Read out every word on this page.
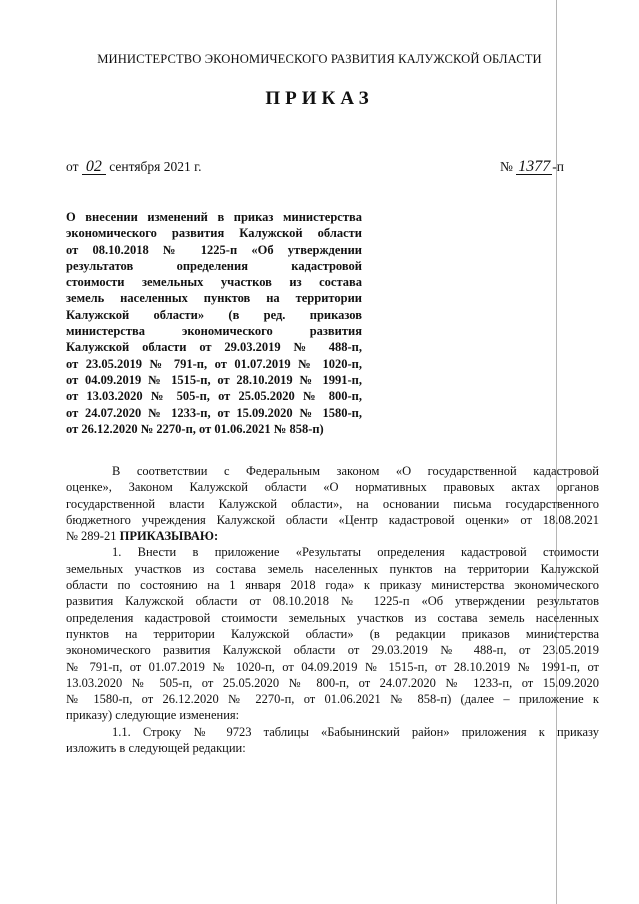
МИНИСТЕРСТВО ЭКОНОМИЧЕСКОГО РАЗВИТИЯ КАЛУЖСКОЙ ОБЛАСТИ
ПРИКАЗ
от 02 сентября 2021 г.	№ 1377 -п
О внесении изменений в приказ министерства
экономического развития Калужской области
от 08.10.2018 № 1225-п «Об утверждении
результатов определения кадастровой
стоимости земельных участков из состава
земель населенных пунктов на территории
Калужской области» (в ред. приказов
министерства экономического развития
Калужской области от 29.03.2019 № 488-п,
от 23.05.2019 № 791-п, от 01.07.2019 № 1020-п,
от 04.09.2019 № 1515-п, от 28.10.2019 № 1991-п,
от 13.03.2020 № 505-п, от 25.05.2020 № 800-п,
от 24.07.2020 № 1233-п, от 15.09.2020 № 1580-п,
от 26.12.2020 № 2270-п, от 01.06.2021 № 858-п)
В соответствии с Федеральным законом «О государственной кадастровой
оценке», Законом Калужской области «О нормативных правовых актах органов
государственной власти Калужской области», на основании письма государственного
бюджетного учреждения Калужской области «Центр кадастровой оценки» от 18.08.2021
№ 289-21 ПРИКАЗЫВАЮ:
1. Внести в приложение «Результаты определения кадастровой стоимости
земельных участков из состава земель населенных пунктов на территории Калужской
области по состоянию на 1 января 2018 года» к приказу министерства экономического
развития Калужской области от 08.10.2018 № 1225-п «Об утверждении результатов
определения кадастровой стоимости земельных участков из состава земель населенных
пунктов на территории Калужской области» (в редакции приказов министерства
экономического развития Калужской области от 29.03.2019 № 488-п, от 23.05.2019
№ 791-п, от 01.07.2019 № 1020-п, от 04.09.2019 № 1515-п, от 28.10.2019 № 1991-п, от
13.03.2020 № 505-п, от 25.05.2020 № 800-п, от 24.07.2020 № 1233-п, от 15.09.2020
№ 1580-п, от 26.12.2020 № 2270-п, от 01.06.2021 № 858-п) (далее – приложение к
приказу) следующие изменения:
1.1. Строку № 9723 таблицы «Бабынинский район» приложения к приказу
изложить в следующей редакции:
